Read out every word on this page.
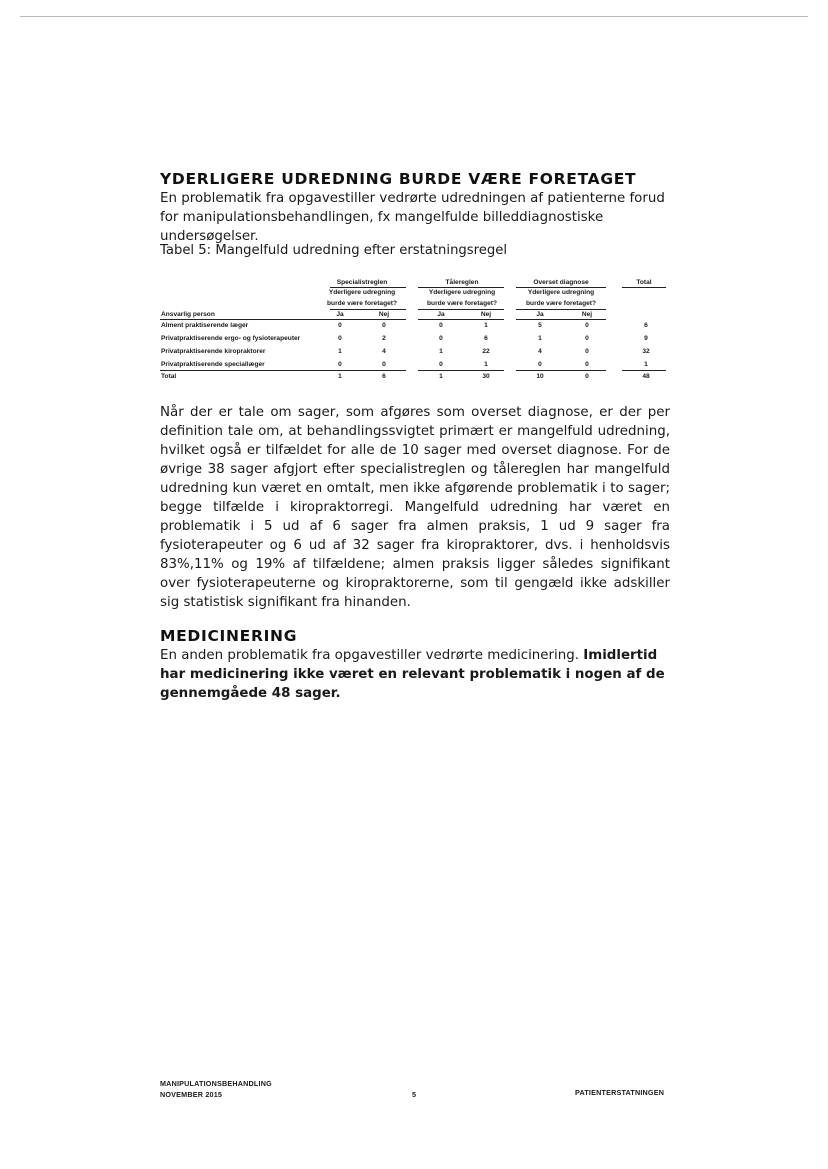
YDERLIGERE UDREDNING BURDE VÆRE FORETAGET

En problematik fra opgavestiller vedrørte udredningen af patienterne forud for manipulationsbehandlingen, fx mangelfulde billeddiagnostiske undersøgelser.

Tabel 5: Mangelfuld udredning efter erstatningsregel

Specialistreglen	Tålereglen	Overset diagnose	Total
Yderligere udregning	Yderligere udregning	Yderligere udregning
burde være foretaget?	burde være foretaget?	burde være foretaget?
Ansvarlig person	Ja	Nej	Ja	Nej	Ja	Nej
Alment praktiserende læger	0	0	0	1	5	0	6
Privatpraktiserende ergo- og fysioterapeuter	0	2	0	6	1	0	9
Privatpraktiserende kiropraktorer	1	4	1	22	4	0	32
Privatpraktiserende speciallæger	0	0	0	1	0	0	1
Total	1	6	1	30	10	0	48

Når der er tale om sager, som afgøres som overset diagnose, er der per definition tale om, at behandlingssvigtet primært er mangelfuld udredning, hvilket også er tilfældet for alle de 10 sager med overset diagnose. For de øvrige 38 sager afgjort efter specialistreglen og tålereglen har mangelfuld udredning kun været en omtalt, men ikke afgørende problematik i to sager; begge tilfælde i kiropraktorregi. Mangelfuld udredning har været en problematik i 5 ud af 6 sager fra almen praksis, 1 ud 9 sager fra fysioterapeuter og 6 ud af 32 sager fra kiropraktorer, dvs. i henholdsvis 83%,11% og 19% af tilfældene; almen praksis ligger således signifikant over fysioterapeuterne og kiropraktorerne, som til gengæld ikke adskiller sig statistisk signifikant fra hinanden.

MEDICINERING

En anden problematik fra opgavestiller vedrørte medicinering. Imidlertid har medicinering ikke været en relevant problematik i nogen af de gennemgåede 48 sager.

MANIPULATIONSBEHANDLING
NOVEMBER 2015	5	PATIENTERSTATNINGEN
